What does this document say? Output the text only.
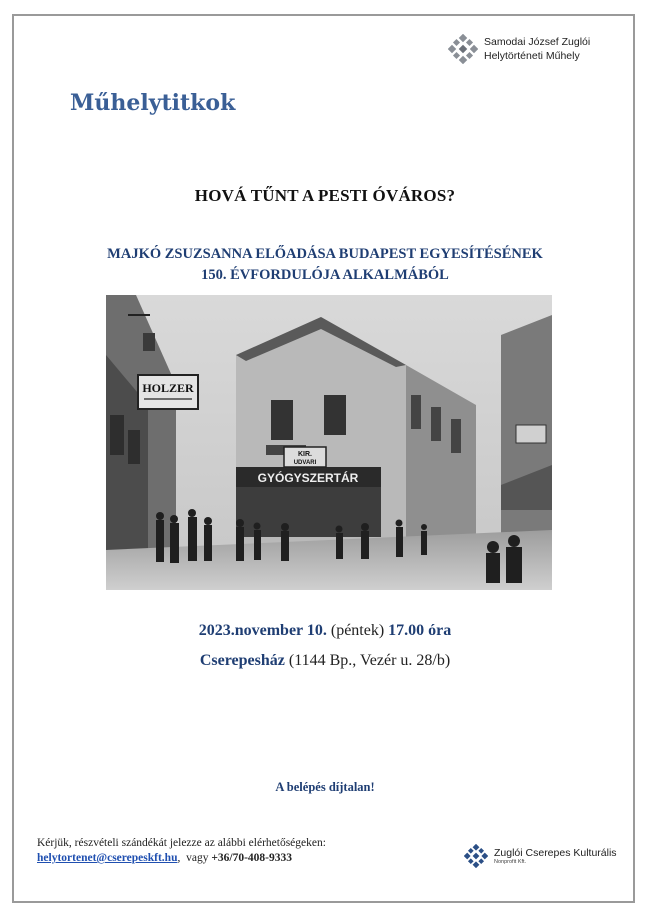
Samodai József Zuglói
Helytörténeti Műhely
Műhelytitkok
HOVÁ TŰNT A PESTI ÓVÁROS?
MAJKÓ ZSUZSANNA ELŐADÁSA BUDAPEST EGYESÍTÉSÉNEK
150. ÉVFORDULÓJA ALKALMÁBÓL
HOLZER
GYÓGYSZERTÁR
KIR.
UDVARI
2023.november 10. (péntek) 17.00 óra
Cserepesház (1144 Bp., Vezér u. 28/b)
A belépés díjtalan!
Kérjük, részvételi szándékát jelezze az alábbi elérhetőségeken:
helytortenet@cserepeskft.hu,  vagy +36/70-408-9333	Zuglói Cserepes Kulturális
Nonprofit Kft.
